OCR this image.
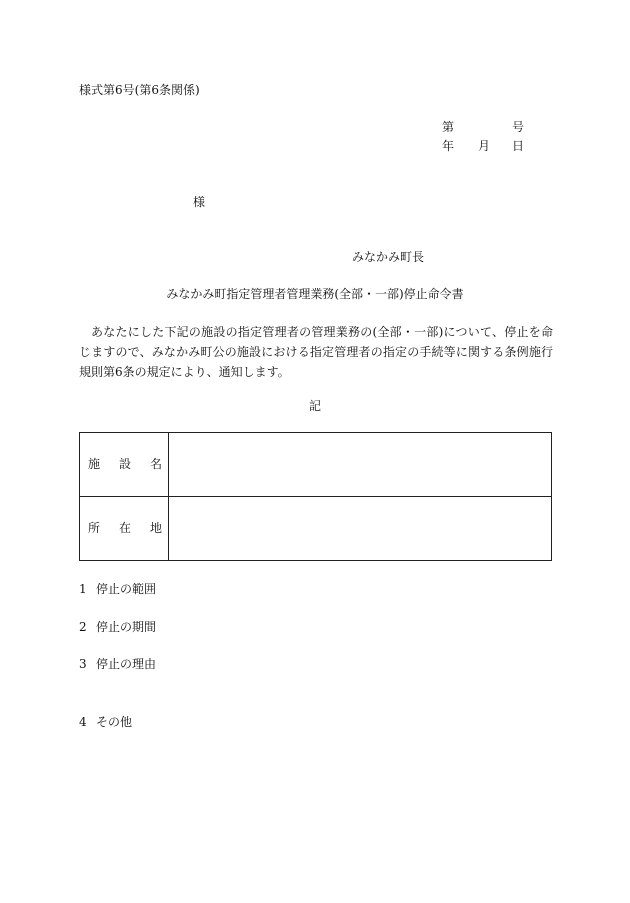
様式第6号(第6条関係)
第	号
年 月 日
様
みなかみ町長
みなかみ町指定管理者管理業務(全部・一部)停止命令書
あなたにした下記の施設の指定管理者の管理業務の(全部・一部)について、停止を命じますので、みなかみ町公の施設における指定管理者の指定の手続等に関する条例施行規則第6条の規定により、通知します。
記
施設名	
所在地	
1 停止の範囲
2 停止の期間
3 停止の理由
4 その他
